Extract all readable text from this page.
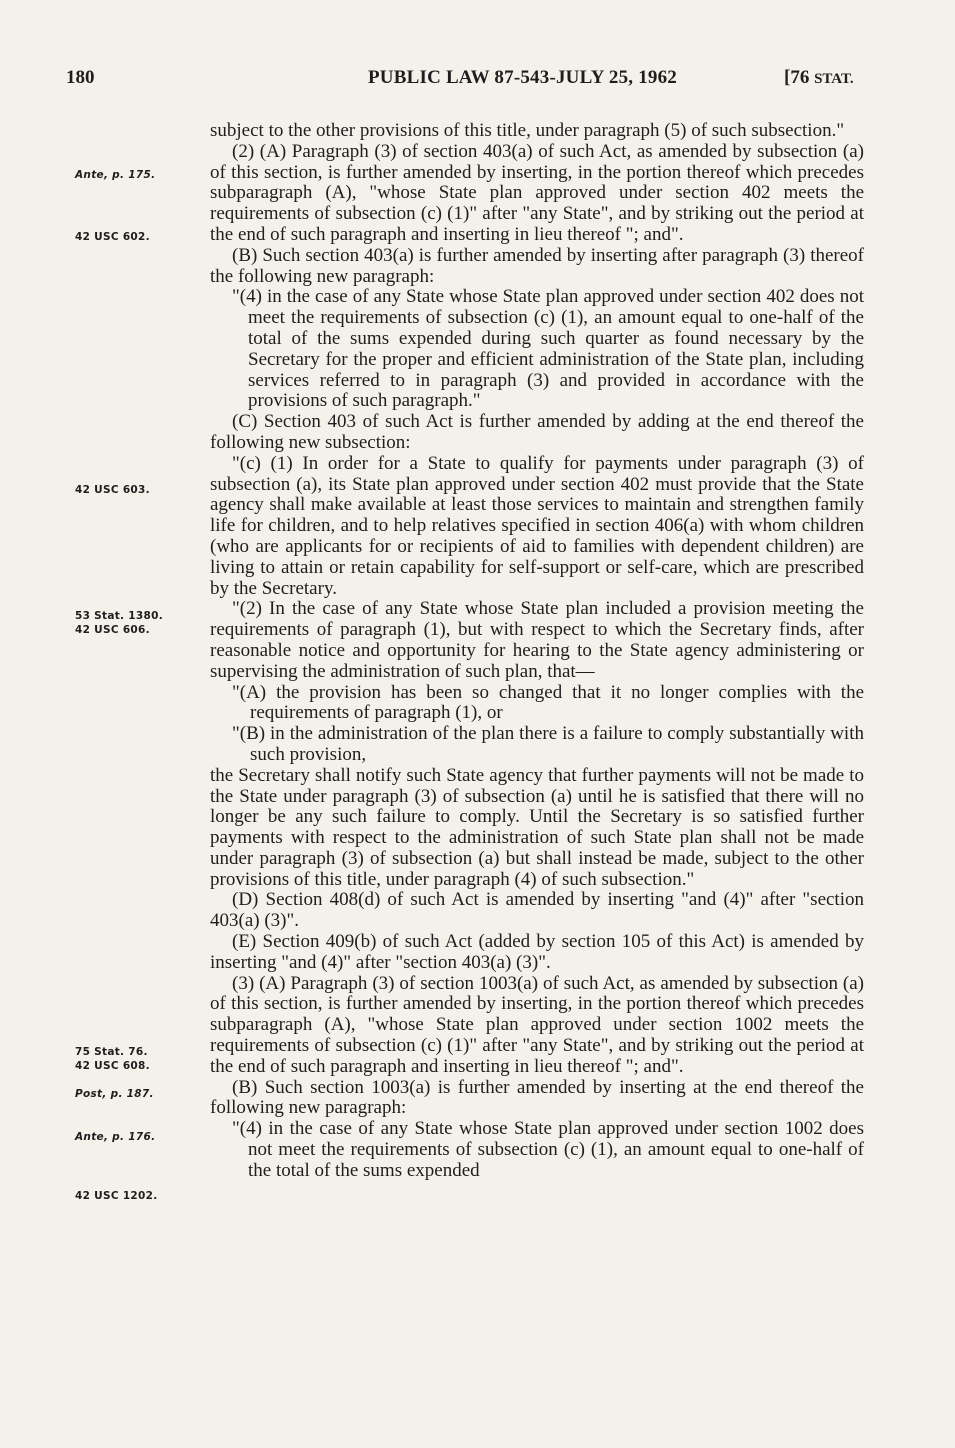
180	PUBLIC LAW 87-543-JULY 25, 1962	[76 STAT.
Ante, p. 175.
42 USC 602.
42 USC 603.
53 Stat. 1380.
42 USC 606.
75 Stat. 76.
42 USC 608.
Post, p. 187.
Ante, p. 176.
42 USC 1202.

subject to the other provisions of this title, under paragraph (5) of such subsection."

(2) (A) Paragraph (3) of section 403(a) of such Act, as amended by subsection (a) of this section, is further amended by inserting, in the portion thereof which precedes subparagraph (A), "whose State plan approved under section 402 meets the requirements of subsection (c) (1)" after "any State", and by striking out the period at the end of such paragraph and inserting in lieu thereof "; and".

(B) Such section 403(a) is further amended by inserting after paragraph (3) thereof the following new paragraph:

"(4) in the case of any State whose State plan approved under section 402 does not meet the requirements of subsection (c) (1), an amount equal to one-half of the total of the sums expended during such quarter as found necessary by the Secretary for the proper and efficient administration of the State plan, including services referred to in paragraph (3) and provided in accordance with the provisions of such paragraph."

(C) Section 403 of such Act is further amended by adding at the end thereof the following new subsection:

"(c) (1) In order for a State to qualify for payments under paragraph (3) of subsection (a), its State plan approved under section 402 must provide that the State agency shall make available at least those services to maintain and strengthen family life for children, and to help relatives specified in section 406(a) with whom children (who are applicants for or recipients of aid to families with dependent children) are living to attain or retain capability for self-support or self-care, which are prescribed by the Secretary.

"(2) In the case of any State whose State plan included a provision meeting the requirements of paragraph (1), but with respect to which the Secretary finds, after reasonable notice and opportunity for hearing to the State agency administering or supervising the administration of such plan, that—

"(A) the provision has been so changed that it no longer complies with the requirements of paragraph (1), or

"(B) in the administration of the plan there is a failure to comply substantially with such provision,

the Secretary shall notify such State agency that further payments will not be made to the State under paragraph (3) of subsection (a) until he is satisfied that there will no longer be any such failure to comply. Until the Secretary is so satisfied further payments with respect to the administration of such State plan shall not be made under paragraph (3) of subsection (a) but shall instead be made, subject to the other provisions of this title, under paragraph (4) of such subsection."

(D) Section 408(d) of such Act is amended by inserting "and (4)" after "section 403(a) (3)".

(E) Section 409(b) of such Act (added by section 105 of this Act) is amended by inserting "and (4)" after "section 403(a) (3)".

(3) (A) Paragraph (3) of section 1003(a) of such Act, as amended by subsection (a) of this section, is further amended by inserting, in the portion thereof which precedes subparagraph (A), "whose State plan approved under section 1002 meets the requirements of subsection (c) (1)" after "any State", and by striking out the period at the end of such paragraph and inserting in lieu thereof "; and".

(B) Such section 1003(a) is further amended by inserting at the end thereof the following new paragraph:

"(4) in the case of any State whose State plan approved under section 1002 does not meet the requirements of subsection (c) (1), an amount equal to one-half of the total of the sums expended
